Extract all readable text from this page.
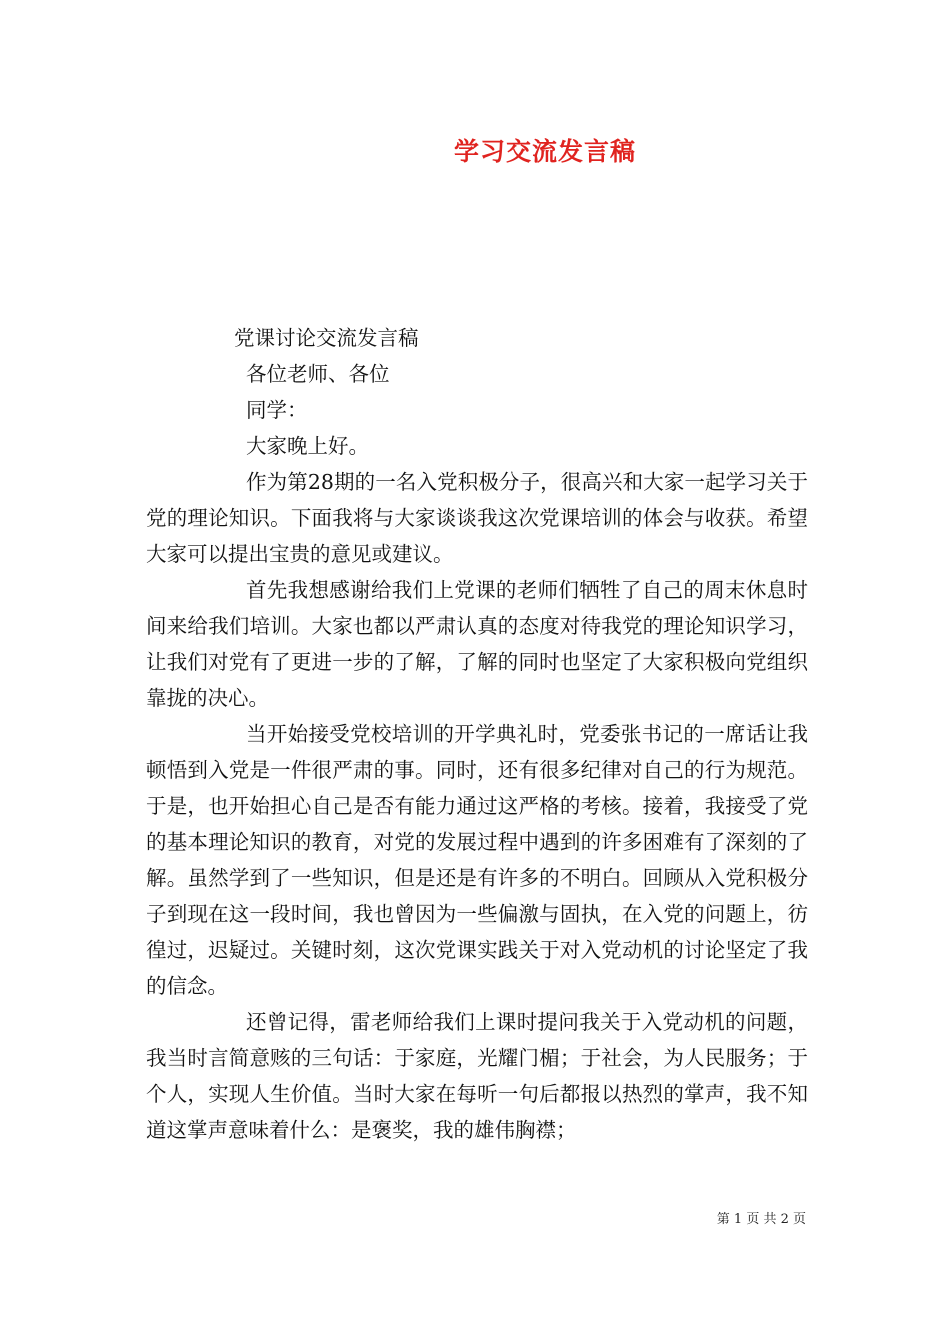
学习交流发言稿

党课讨论交流发言稿

各位老师、各位

同学：

大家晚上好。

作为第28期的一名入党积极分子，很高兴和大家一起学习关于党的理论知识。下面我将与大家谈谈我这次党课培训的体会与收获。希望大家可以提出宝贵的意见或建议。

首先我想感谢给我们上党课的老师们牺牲了自己的周末休息时间来给我们培训。大家也都以严肃认真的态度对待我党的理论知识学习，让我们对党有了更进一步的了解，了解的同时也坚定了大家积极向党组织靠拢的决心。

当开始接受党校培训的开学典礼时，党委张书记的一席话让我顿悟到入党是一件很严肃的事。同时，还有很多纪律对自己的行为规范。于是，也开始担心自己是否有能力通过这严格的考核。接着，我接受了党的基本理论知识的教育，对党的发展过程中遇到的许多困难有了深刻的了解。虽然学到了一些知识，但是还是有许多的不明白。回顾从入党积极分子到现在这一段时间，我也曾因为一些偏激与固执，在入党的问题上，彷徨过，迟疑过。关键时刻，这次党课实践关于对入党动机的讨论坚定了我的信念。

还曾记得，雷老师给我们上课时提问我关于入党动机的问题，我当时言简意赅的三句话：于家庭，光耀门楣；于社会，为人民服务；于个人，实现人生价值。当时大家在每听一句后都报以热烈的掌声，我不知道这掌声意味着什么：是褒奖，我的雄伟胸襟；

第 1 页 共 2 页
